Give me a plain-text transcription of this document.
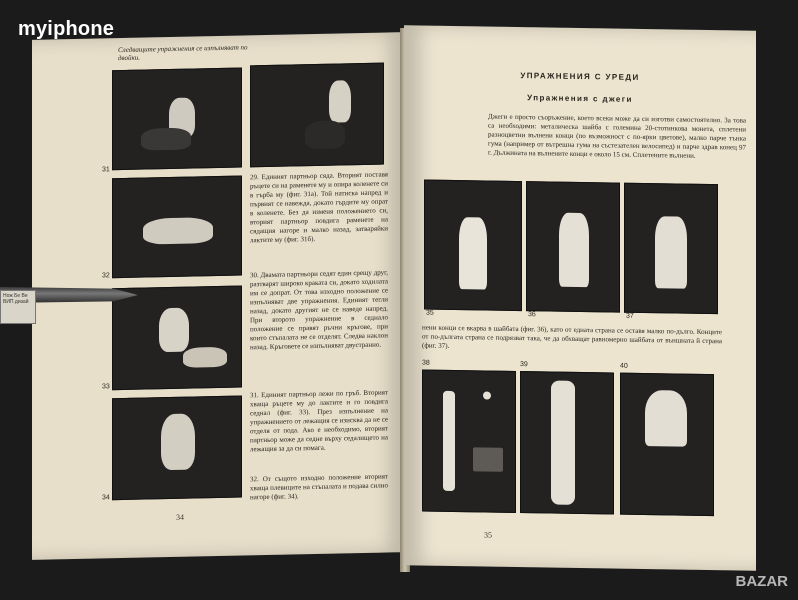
Следващите упражнения се изпълняват по двойки.
31
32
33
34
29. Единият партньор сяда. Вторият поставя ръцете си на раменете му и опира коленете си в гърба му (фиг. 31а). Той натиска напред и първият се навежда, докато гърдите му опрат в коленете. Без да изменя положението си, вторият партньор повдига раменете на сядащия нагоре и малко назад, затваряйки лактите му (фиг. 31б).
30. Двамата партньори седят един срещу друг, разтварят широко краката си, докато ходилата им се допрат. От това изходно положение се изпълняват две упражнения. Единият тегли назад, докато другият не се наведе напред. При второто упражнение в седнало положение се правят ръчни кръгове, при които стъпалата не се отделят. Следва наклон назад. Кръговете се изпълняват двустранно.
31. Единият партньор лежи по гръб. Вторият хваща ръцете му до лактите и го повдига седнал (фиг. 33). През изпълнение на упражнението от лежащия се изисква да не се отделя от пода. Ако е необходимо, вторият партньор може да седне върху седалището на лежащия за да си помага.
32. От същото изходно положение вторият хваща плевиците на стъпалата и подава силно нагоре (фиг. 34).
34
УПРАЖНЕНИЯ С УРЕДИ
Упражнения с джеги
Джеги е просто съоръжение, което всеки може да си изготви самостоятелно. За това са необходими: металическа шайба с големина 20-стотинкова монета, сплетени разноцветни вълнени конци (по възможност с по-ярки цветове), малко парче тънка гума (например от вътрешна гума на състезателен велосипед) и парче здрав конец 97 г. Дължината на вълнените конци е около 15 см. Сплетените вълнени.
35	36	37
нени конци се вкарва в шайбата (фиг. 36), като от едната страна се оставя малко по-дълго. Конците от по-дългата страна се подрязват така, че да обхващат равномерно шайбата от външната й страна (фиг. 37).
38	39	40
35
Нож Бе Ве ВИП дизай
myiphone
BAZAR
